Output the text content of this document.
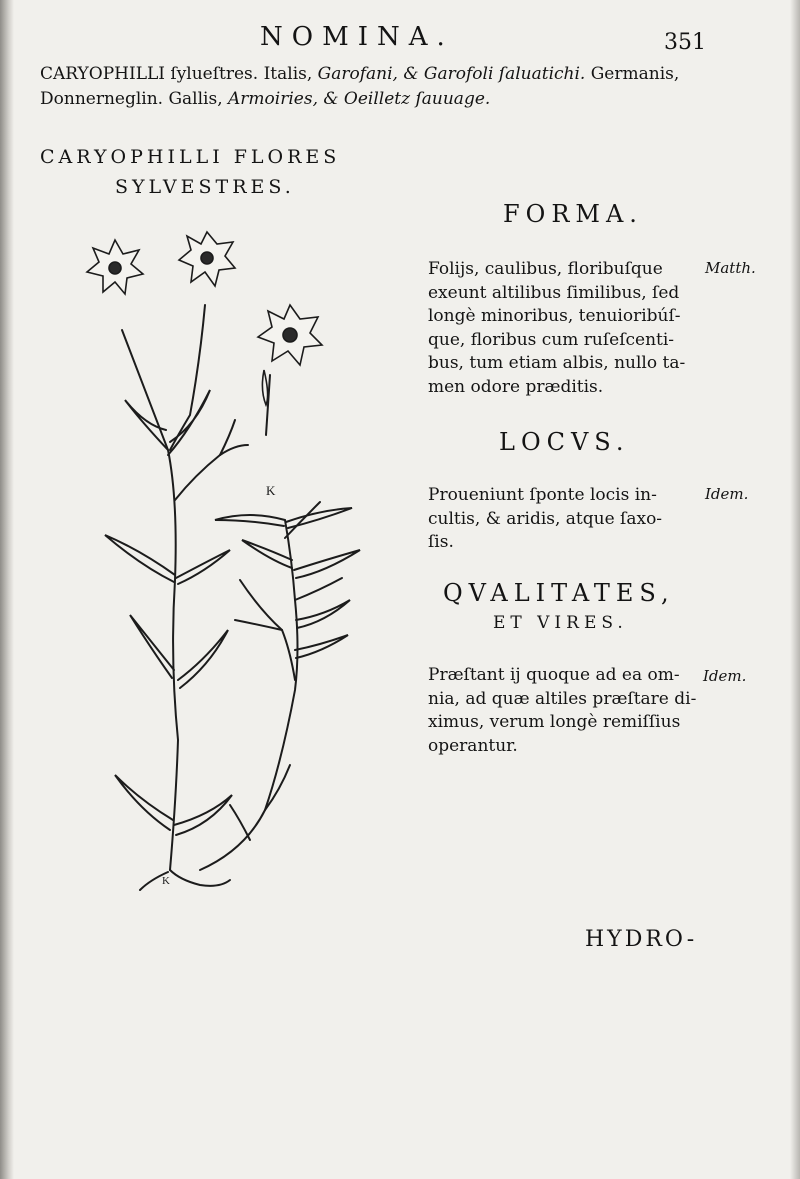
NOMINA.	351
CARYOPHILLI ſylueſtres. Italis, Garofani, & Garofoli ſaluatichi. Germanis,
Donnerneglin. Gallis, Armoiries, & Oeilletz ſauuage.
CARYOPHILLI FLORES
SYLVESTRES.
K
K
FORMA.
Folijs, caulibus, floribuſque
exeunt altilibus ſimilibus, ſed
longè minoribus, tenuioribúſ-
que, floribus cum ruſeſcenti-
bus, tum etiam albis, nullo ta-
men odore præditis.
Matth.
LOCVS.
Proueniunt ſponte locis in-
cultis, & aridis, atque ſaxo-
ſis.
Idem.
QVALITATES,
ET VIRES.
Præſtant ij quoque ad ea om-
nia, ad quæ altiles præſtare di-
ximus, verum longè remiſſius
operantur.
Idem.
HYDRO-
